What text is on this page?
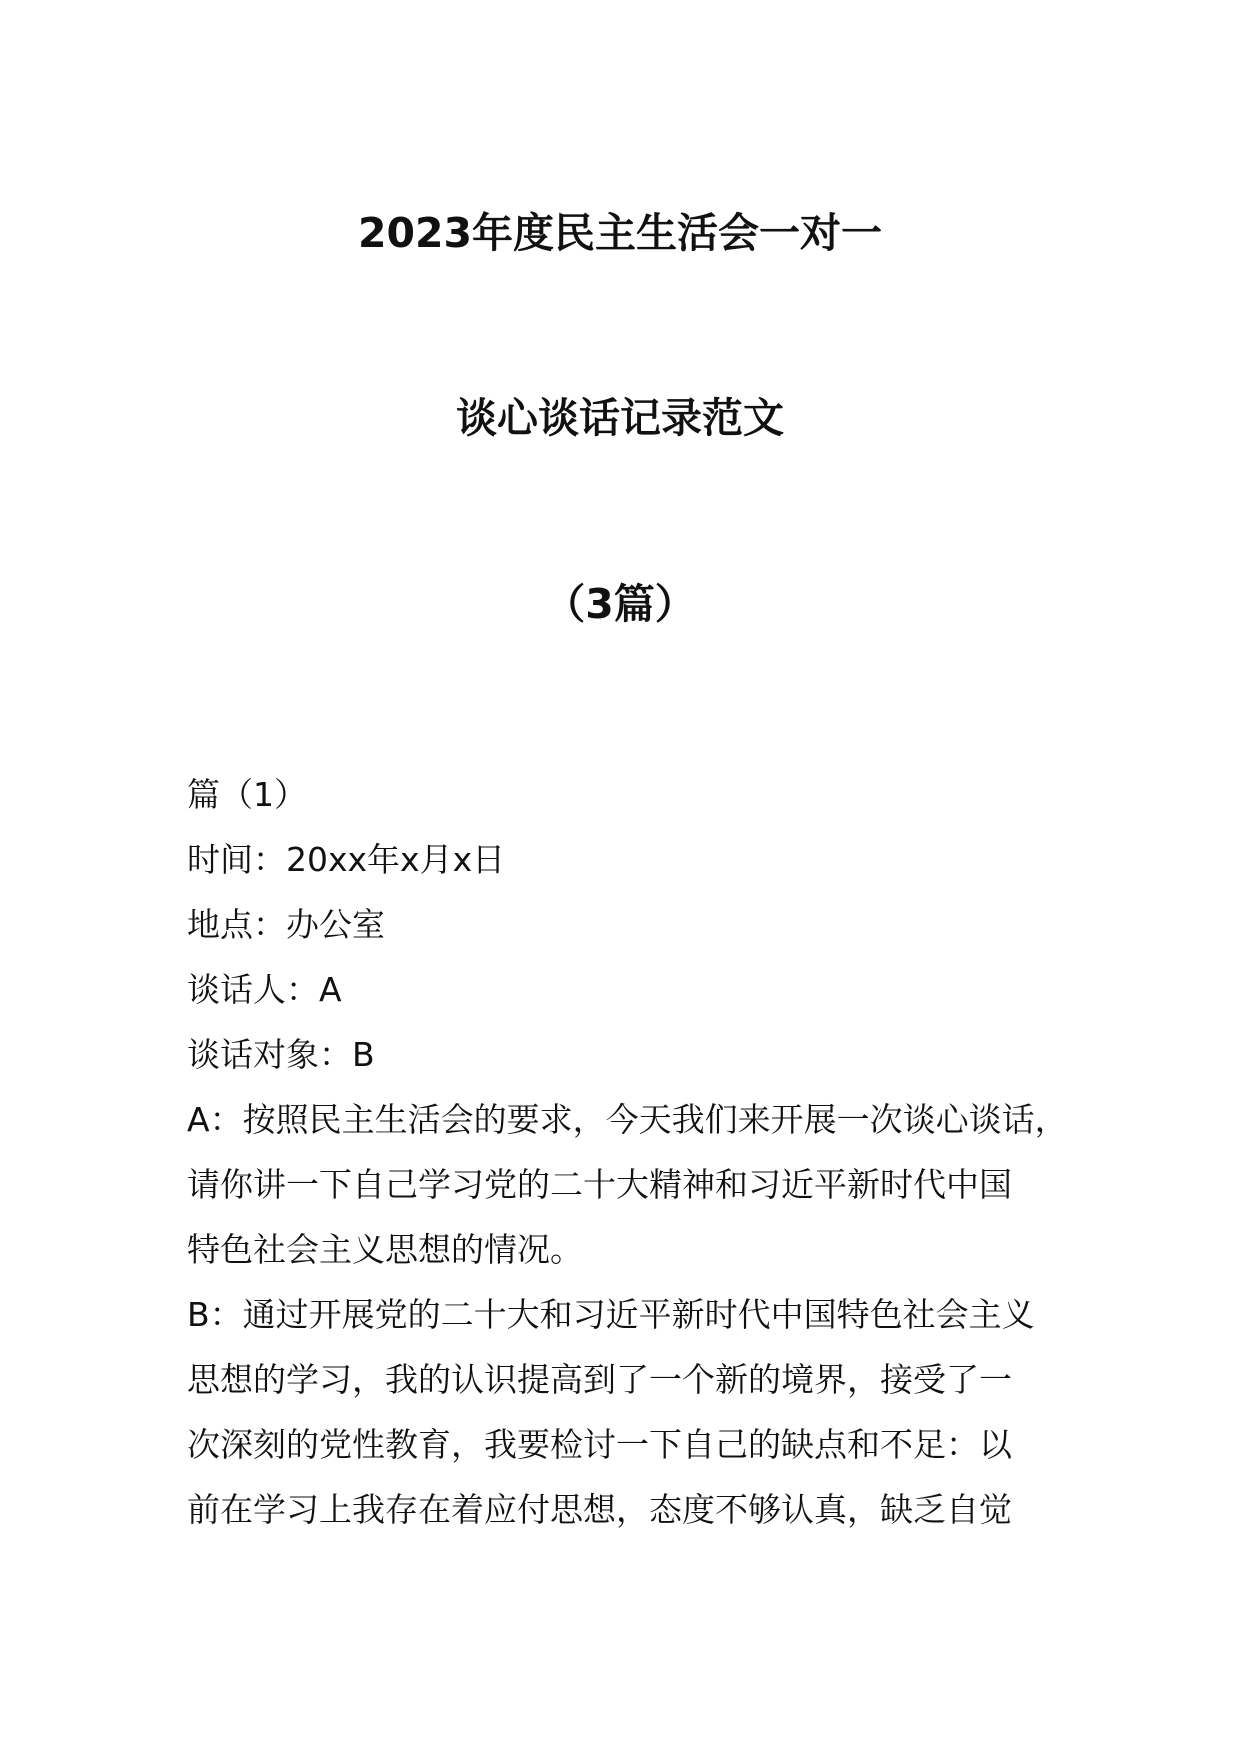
2023年度民主生活会一对一
谈心谈话记录范文
（3篇）
篇（1）
时间：20xx年x月x日
地点：办公室
谈话人：A
谈话对象：B
A：按照民主生活会的要求，今天我们来开展一次谈心谈话，
请你讲一下自己学习党的二十大精神和习近平新时代中国
特色社会主义思想的情况。
B：通过开展党的二十大和习近平新时代中国特色社会主义
思想的学习，我的认识提高到了一个新的境界，接受了一
次深刻的党性教育，我要检讨一下自己的缺点和不足：以
前在学习上我存在着应付思想，态度不够认真，缺乏自觉
